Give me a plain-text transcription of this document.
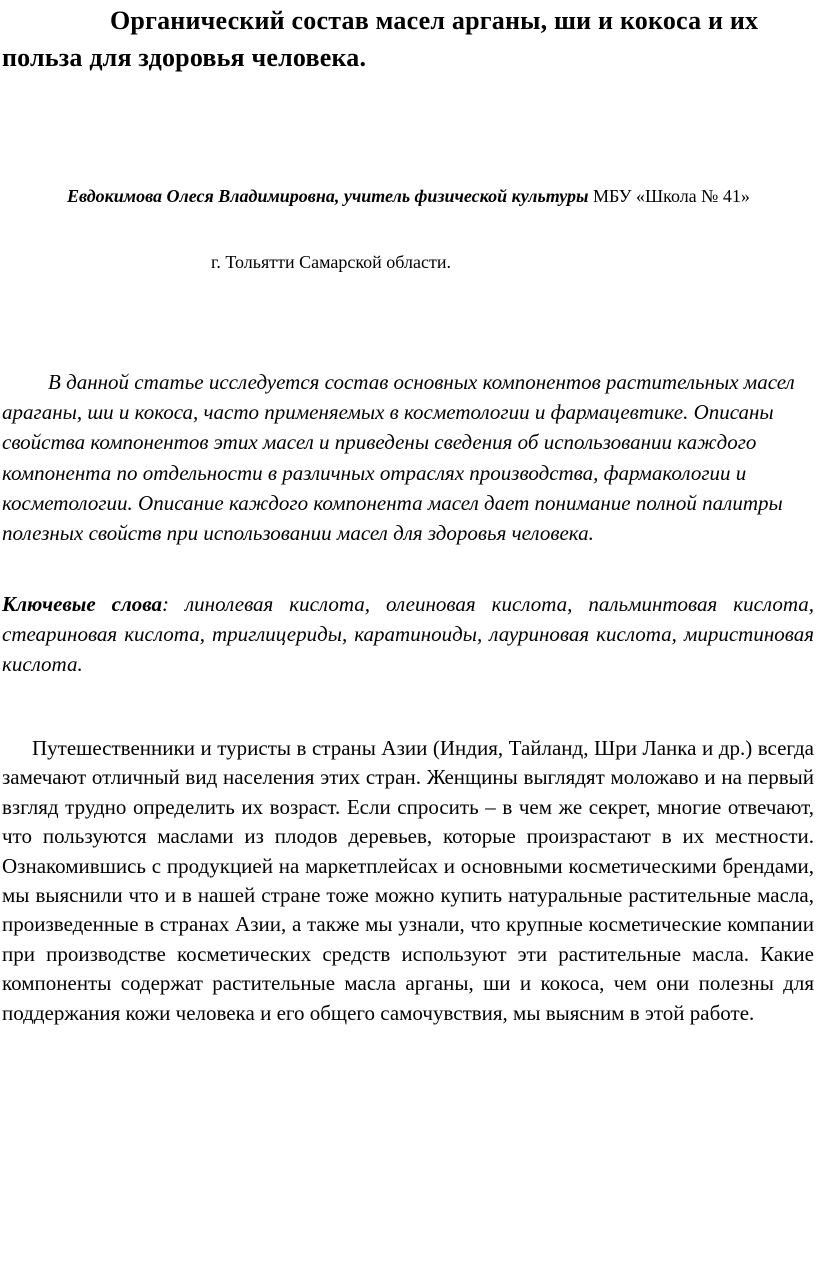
Органический состав масел арганы, ши и кокоса и их польза для здоровья человека.

Евдокимова Олеся Владимировна, учитель физической культуры МБУ «Школа № 41»

г. Тольятти Самарской области.

В данной статье исследуется состав основных компонентов растительных масел араганы, ши и кокоса, часто применяемых в косметологии и фармацевтике. Описаны свойства компонентов этих масел и приведены сведения об использовании каждого компонента по отдельности в различных отраслях производства, фармакологии и косметологии. Описание каждого компонента масел дает понимание полной палитры полезных свойств при использовании масел для здоровья человека.

Ключевые слова: линолевая кислота, олеиновая кислота, пальминтовая кислота, стеариновая кислота, триглицериды, каратиноиды, лауриновая кислота, миристиновая кислота.

Путешественники и туристы в страны Азии (Индия, Тайланд, Шри Ланка и др.) всегда замечают отличный вид населения этих стран. Женщины выглядят моложаво и на первый взгляд трудно определить их возраст. Если спросить – в чем же секрет, многие отвечают, что пользуются маслами из плодов деревьев, которые произрастают в их местности. Ознакомившись с продукцией на маркетплейсах и основными косметическими брендами, мы выяснили что и в нашей стране тоже можно купить натуральные растительные масла, произведенные в странах Азии, а также мы узнали, что крупные косметические компании при производстве косметических средств используют эти растительные масла. Какие компоненты содержат растительные масла арганы, ши и кокоса, чем они полезны для поддержания кожи человека и его общего самочувствия, мы выясним в этой работе.
